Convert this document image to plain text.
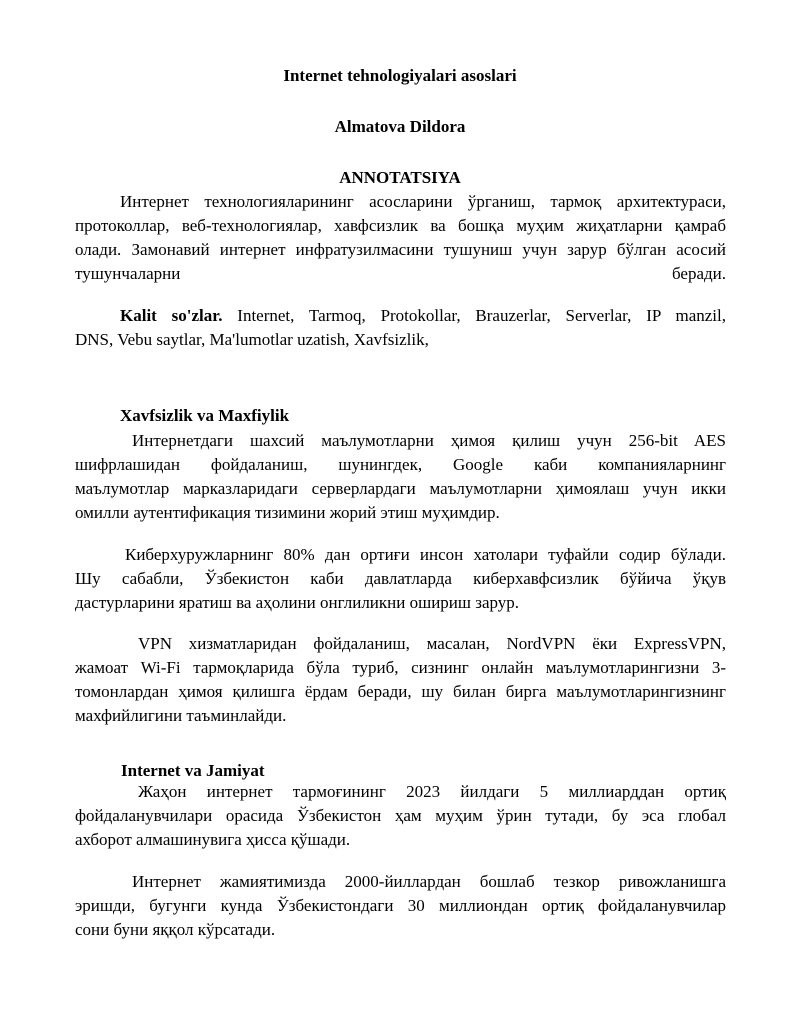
Internet tehnologiyalari asoslari
Almatova Dildora
ANNOTATSIYA
Интернет технологияларининг асосларини ўрганиш, тармоқ архитектураси,
протоколлар, веб-технологиялар, хавфсизлик ва бошқа муҳим жиҳатларни қамраб
олади. Замонавий интернет инфратузилмасини тушуниш учун зарур бўлган асосий
тушунчаларни	беради.
Kalit so'zlar. Internet, Tarmoq, Protokollar, Brauzerlar, Serverlar, IP manzil,
DNS, Vebu saytlar, Ma'lumotlar uzatish, Xavfsizlik,
Xavfsizlik va Maxfiylik
Интернетдаги шахсий маълумотларни ҳимоя қилиш учун 256-bit AES
шифрлашидан фойдаланиш, шунингдек, Google каби компанияларнинг
маълумотлар марказларидаги серверлардаги маълумотларни ҳимоялаш учун икки
омилли аутентификация тизимини жорий этиш муҳимдир.
Киберхуружларнинг 80% дан ортиғи инсон хатолари туфайли содир бўлади.
Шу сабабли, Ўзбекистон каби давлатларда киберхавфсизлик бўйича ўқув
дастурларини яратиш ва аҳолини онглиликни ошириш зарур.
VPN хизматларидан фойдаланиш, масалан, NordVPN ёки ExpressVPN,
жамоат Wi-Fi тармоқларида бўла туриб, сизнинг онлайн маълумотларингизни 3-
томонлардан ҳимоя қилишга ёрдам беради, шу билан бирга маълумотларингизнинг
махфийлигини таъминлайди.
Internet va Jamiyat
Жаҳон интернет тармоғининг 2023 йилдаги 5 миллиарддан ортиқ
фойдаланувчилари орасида Ўзбекистон ҳам муҳим ўрин тутади, бу эса глобал
ахборот алмашинувига ҳисса қўшади.
Интернет жамиятимизда 2000-йиллардан бошлаб тезкор ривожланишга
эришди, бугунги кунда Ўзбекистондаги 30 миллиондан ортиқ фойдаланувчилар
сони буни яққол кўрсатади.
